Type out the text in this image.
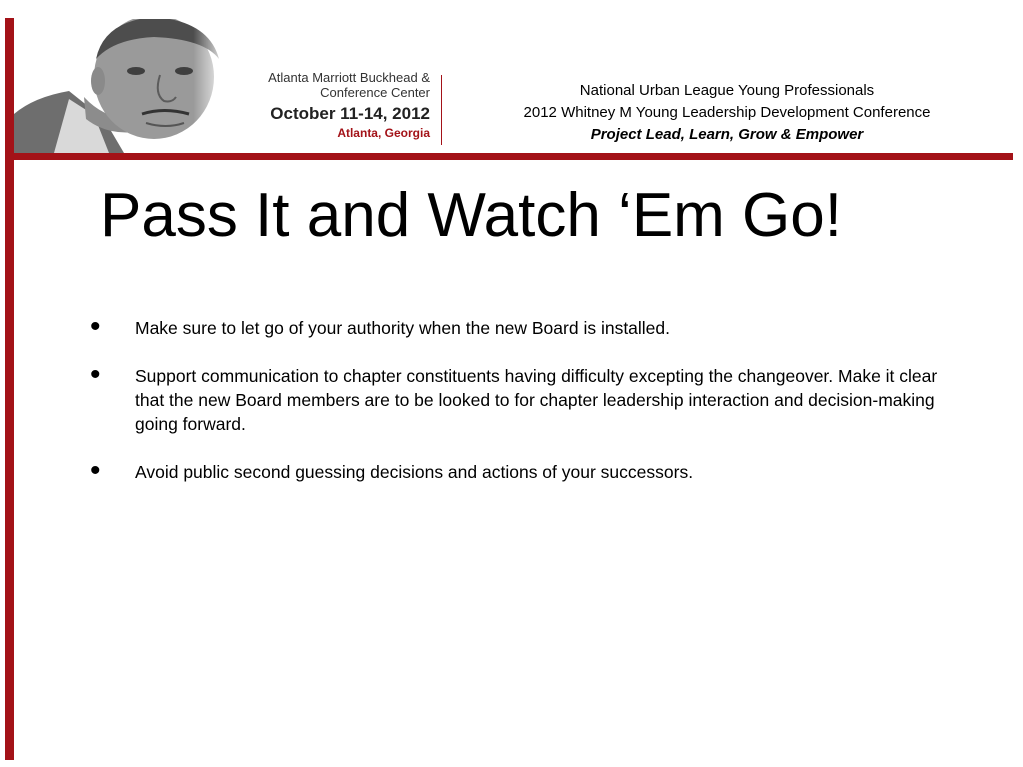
Atlanta Marriott Buckhead &
Conference Center
October 11-14, 2012
Atlanta, Georgia
National Urban League Young Professionals
2012 Whitney M Young Leadership Development Conference
Project Lead, Learn, Grow & Empower
Pass It and Watch ‘Em Go!
• Make sure to let go of your authority when the new Board is installed.
• Support communication to chapter constituents having difficulty excepting the changeover. Make it clear that the new Board members are to be looked to for chapter leadership interaction and decision-making going forward.
• Avoid public second guessing decisions and actions of your successors.
